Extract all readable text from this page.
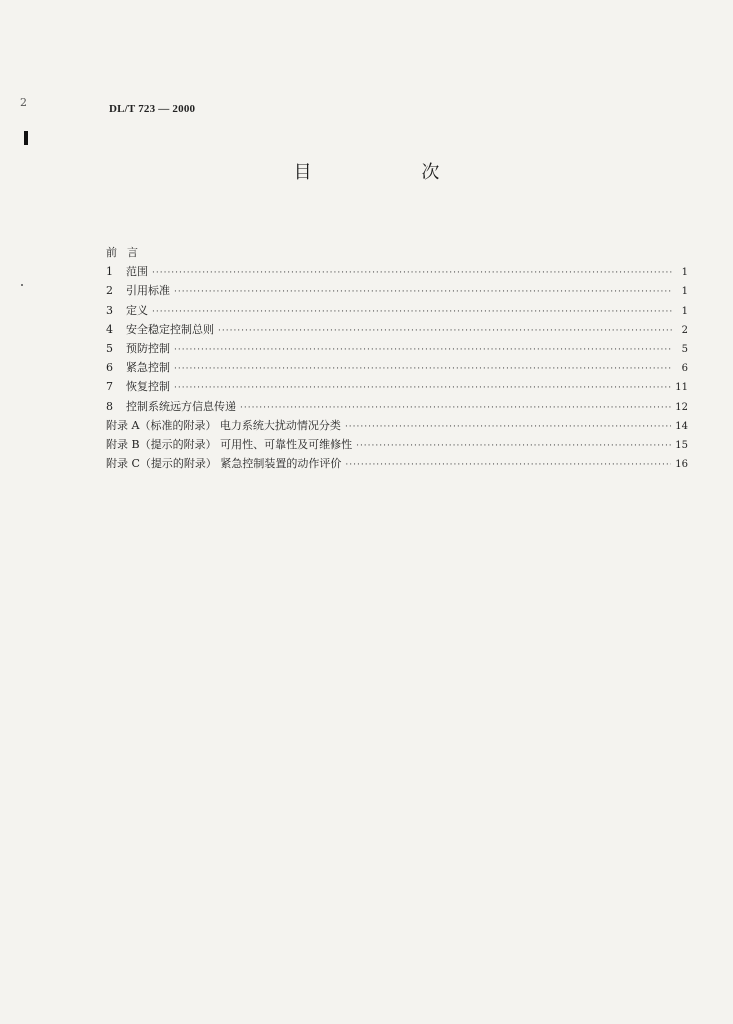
2	DL/T 723 — 2000
目 次
前言
1	范围 ·····	1
2	引用标准 ·····	1
3	定义 ·····	1
4	安全稳定控制总则 ·····	2
5	预防控制 ·····	5
6	紧急控制 ·····	6
7	恢复控制 ·····	11
8	控制系统远方信息传递 ·····	12
附录 A（标准的附录） 电力系统大扰动情况分类 ·····	14
附录 B（提示的附录） 可用性、可靠性及可维修性 ·····	15
附录 C（提示的附录） 紧急控制装置的动作评价 ·····	16
